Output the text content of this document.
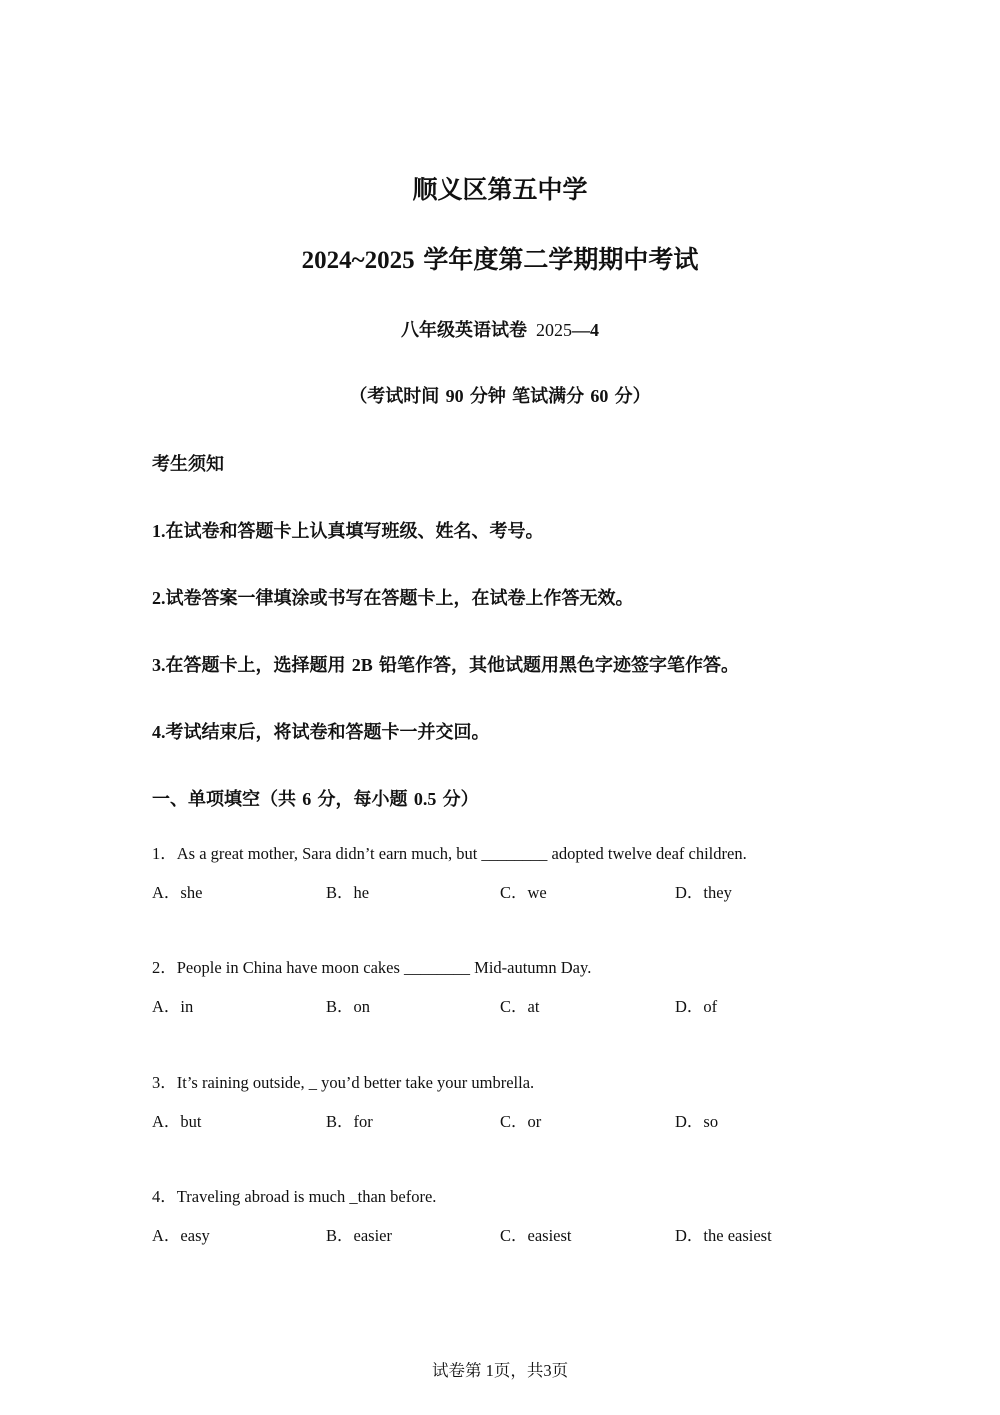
顺义区第五中学
2024~2025 学年度第二学期期中考试
八年级英语试卷 2025—4
（考试时间 90 分钟 笔试满分 60 分）
考生须知
1.在试卷和答题卡上认真填写班级、姓名、考号。
2.试卷答案一律填涂或书写在答题卡上，在试卷上作答无效。
3.在答题卡上，选择题用 2B 铅笔作答，其他试题用黑色字迹签字笔作答。
4.考试结束后，将试卷和答题卡一并交回。
一、单项填空（共 6 分，每小题 0.5 分）
1．As a great mother, Sara didn’t earn much, but ________ adopted twelve deaf children.
A．she	B．he	C．we	D．they
2．People in China have moon cakes ________ Mid-autumn Day.
A．in	B．on	C．at	D．of
3．It’s raining outside, _ you’d better take your umbrella.
A．but	B．for	C．or	D．so
4．Traveling abroad is much _than before.
A．easy	B．easier	C．easiest	D．the easiest
试卷第 1页，共3页
